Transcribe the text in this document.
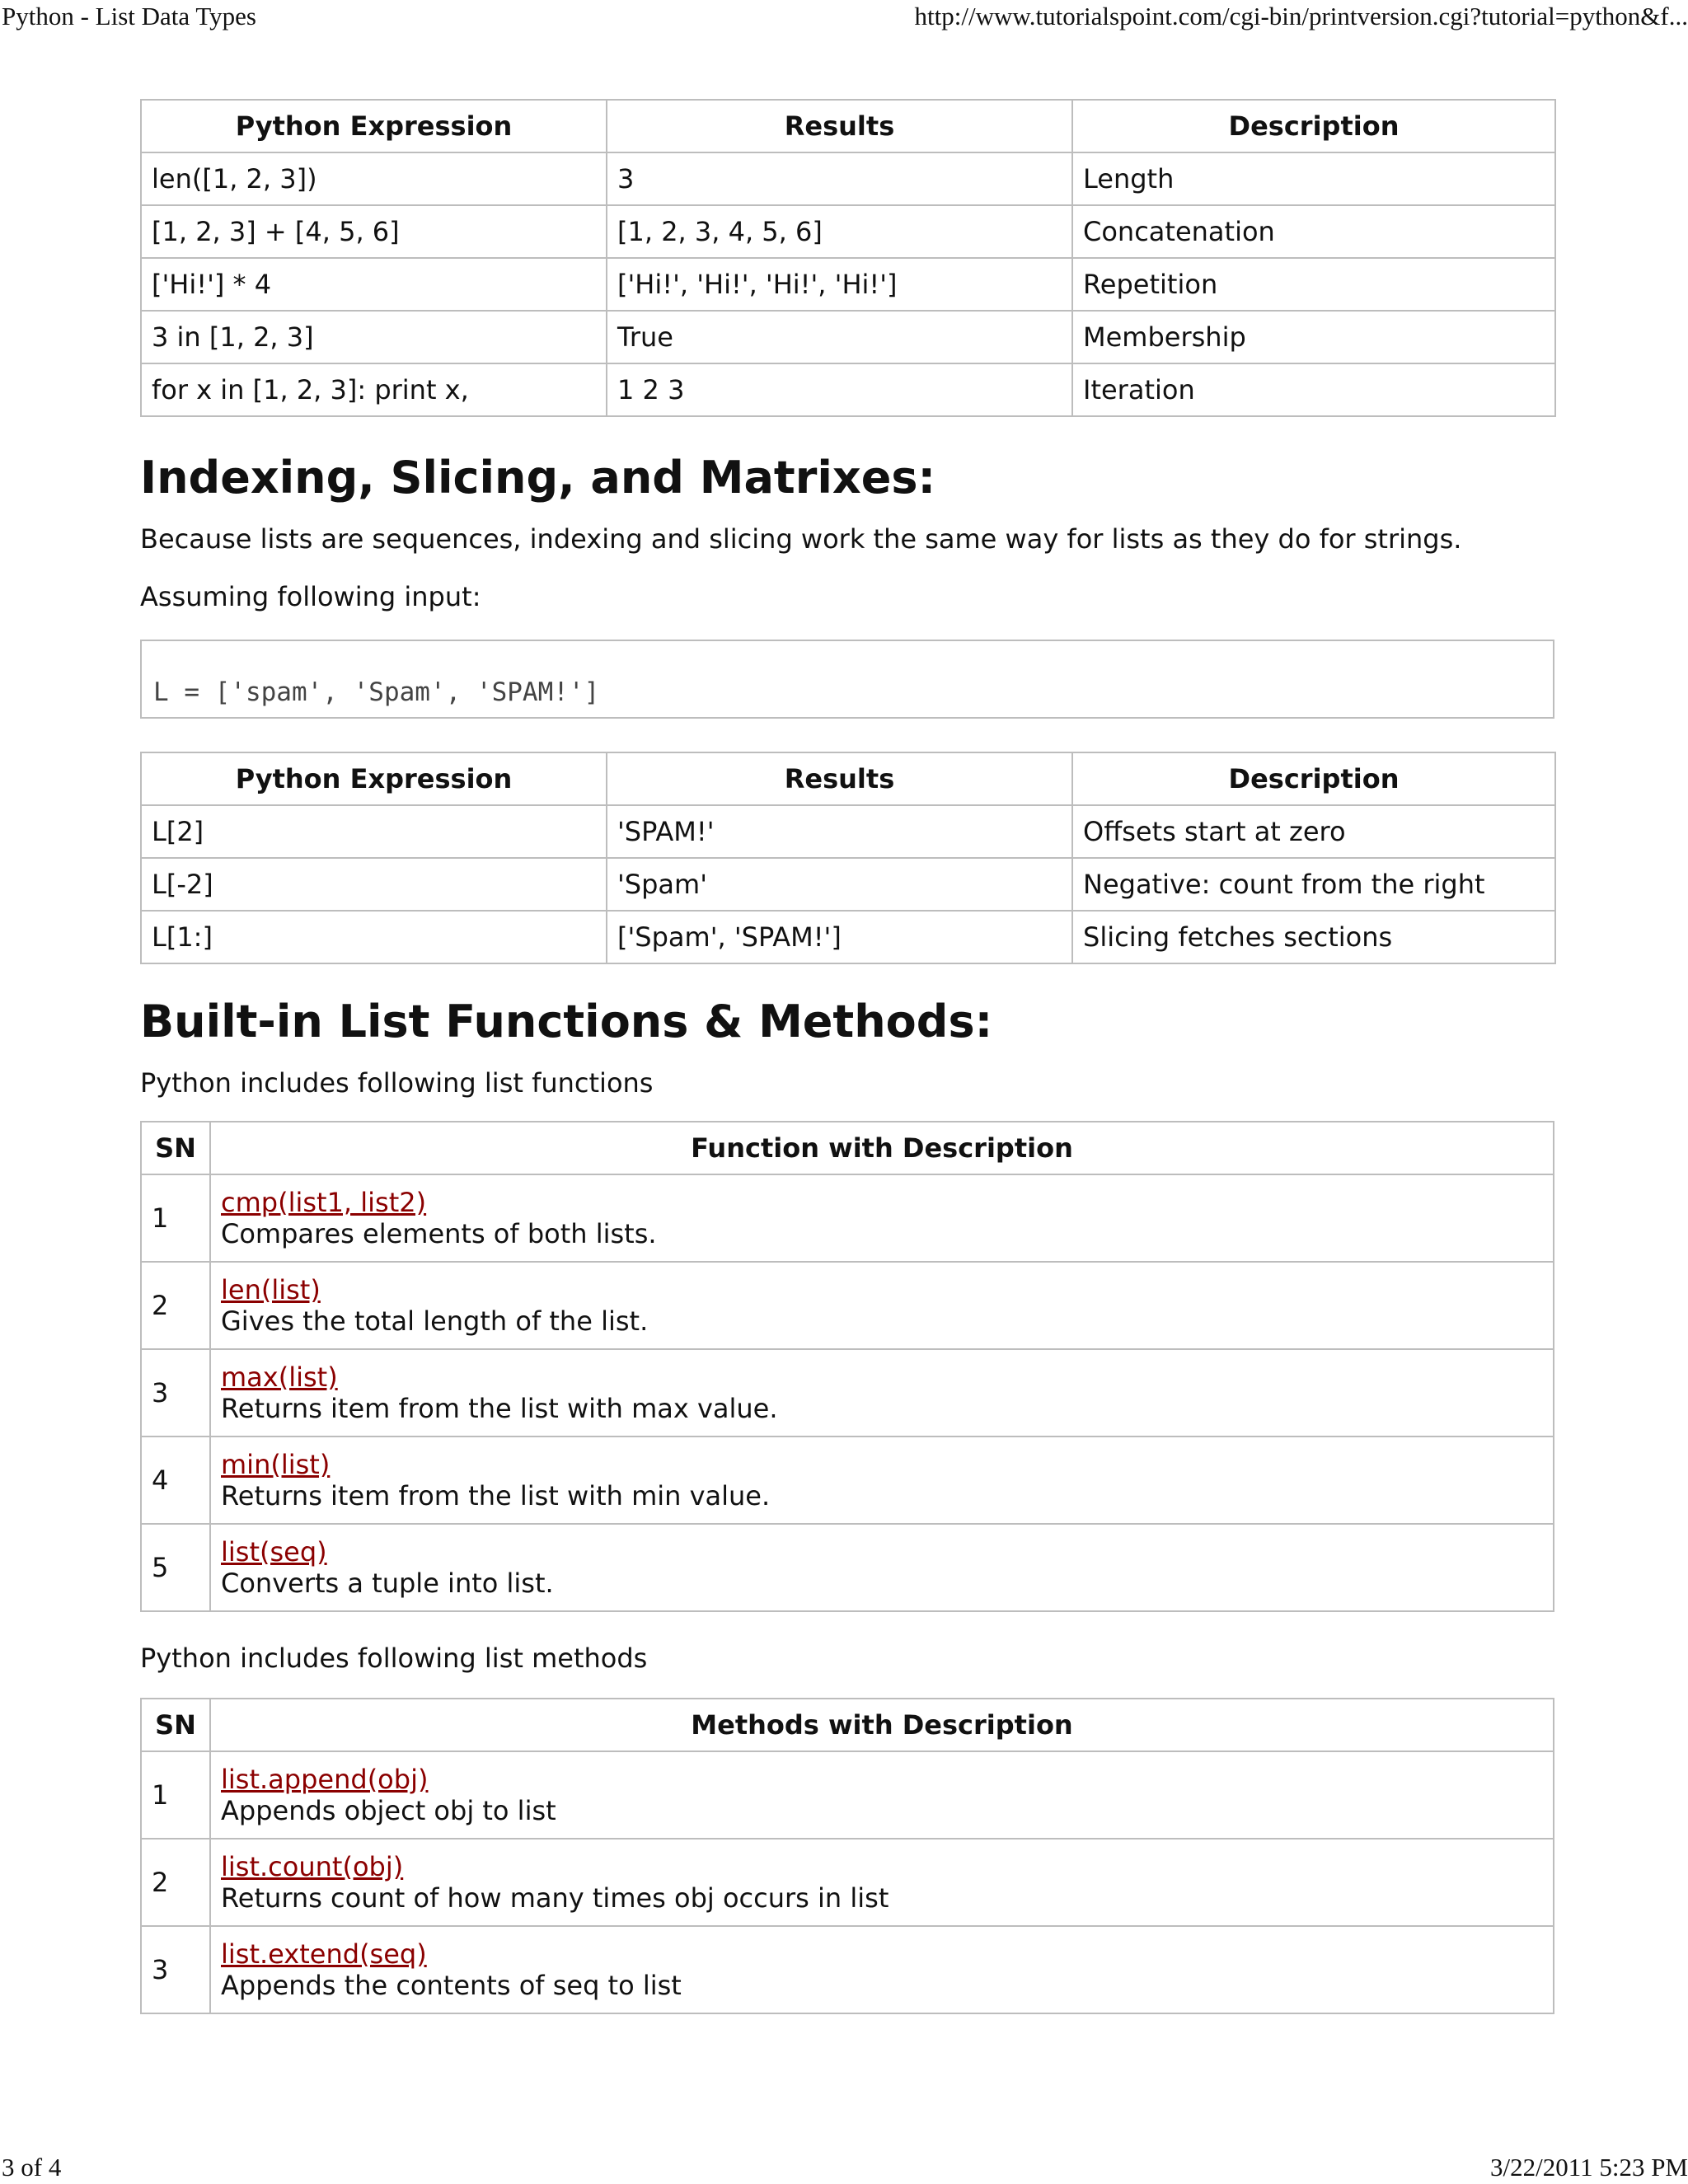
Python - List Data Types	http://www.tutorialspoint.com/cgi-bin/printversion.cgi?tutorial=python&f...
Python Expression	Results	Description
len([1, 2, 3])	3	Length
[1, 2, 3] + [4, 5, 6]	[1, 2, 3, 4, 5, 6]	Concatenation
['Hi!'] * 4	['Hi!', 'Hi!', 'Hi!', 'Hi!']	Repetition
3 in [1, 2, 3]	True	Membership
for x in [1, 2, 3]: print x,	1 2 3	Iteration
Indexing, Slicing, and Matrixes:

Because lists are sequences, indexing and slicing work the same way for lists as they do for strings.

Assuming following input:

L = ['spam', 'Spam', 'SPAM!']
Python Expression	Results	Description
L[2]	'SPAM!'	Offsets start at zero
L[-2]	'Spam'	Negative: count from the right
L[1:]	['Spam', 'SPAM!']	Slicing fetches sections
Built-in List Functions & Methods:

Python includes following list functions

SN	Function with Description
1	cmp(list1, list2)
Compares elements of both lists.

2	len(list)
Gives the total length of the list.

3	max(list)
Returns item from the list with max value.

4	min(list)
Returns item from the list with min value.

5	list(seq)
Converts a tuple into list.

Python includes following list methods

SN	Methods with Description
1	list.append(obj)
Appends object obj to list

2	list.count(obj)
Returns count of how many times obj occurs in list

3	list.extend(seq)
Appends the contents of seq to list
3 of 4	3/22/2011 5:23 PM
